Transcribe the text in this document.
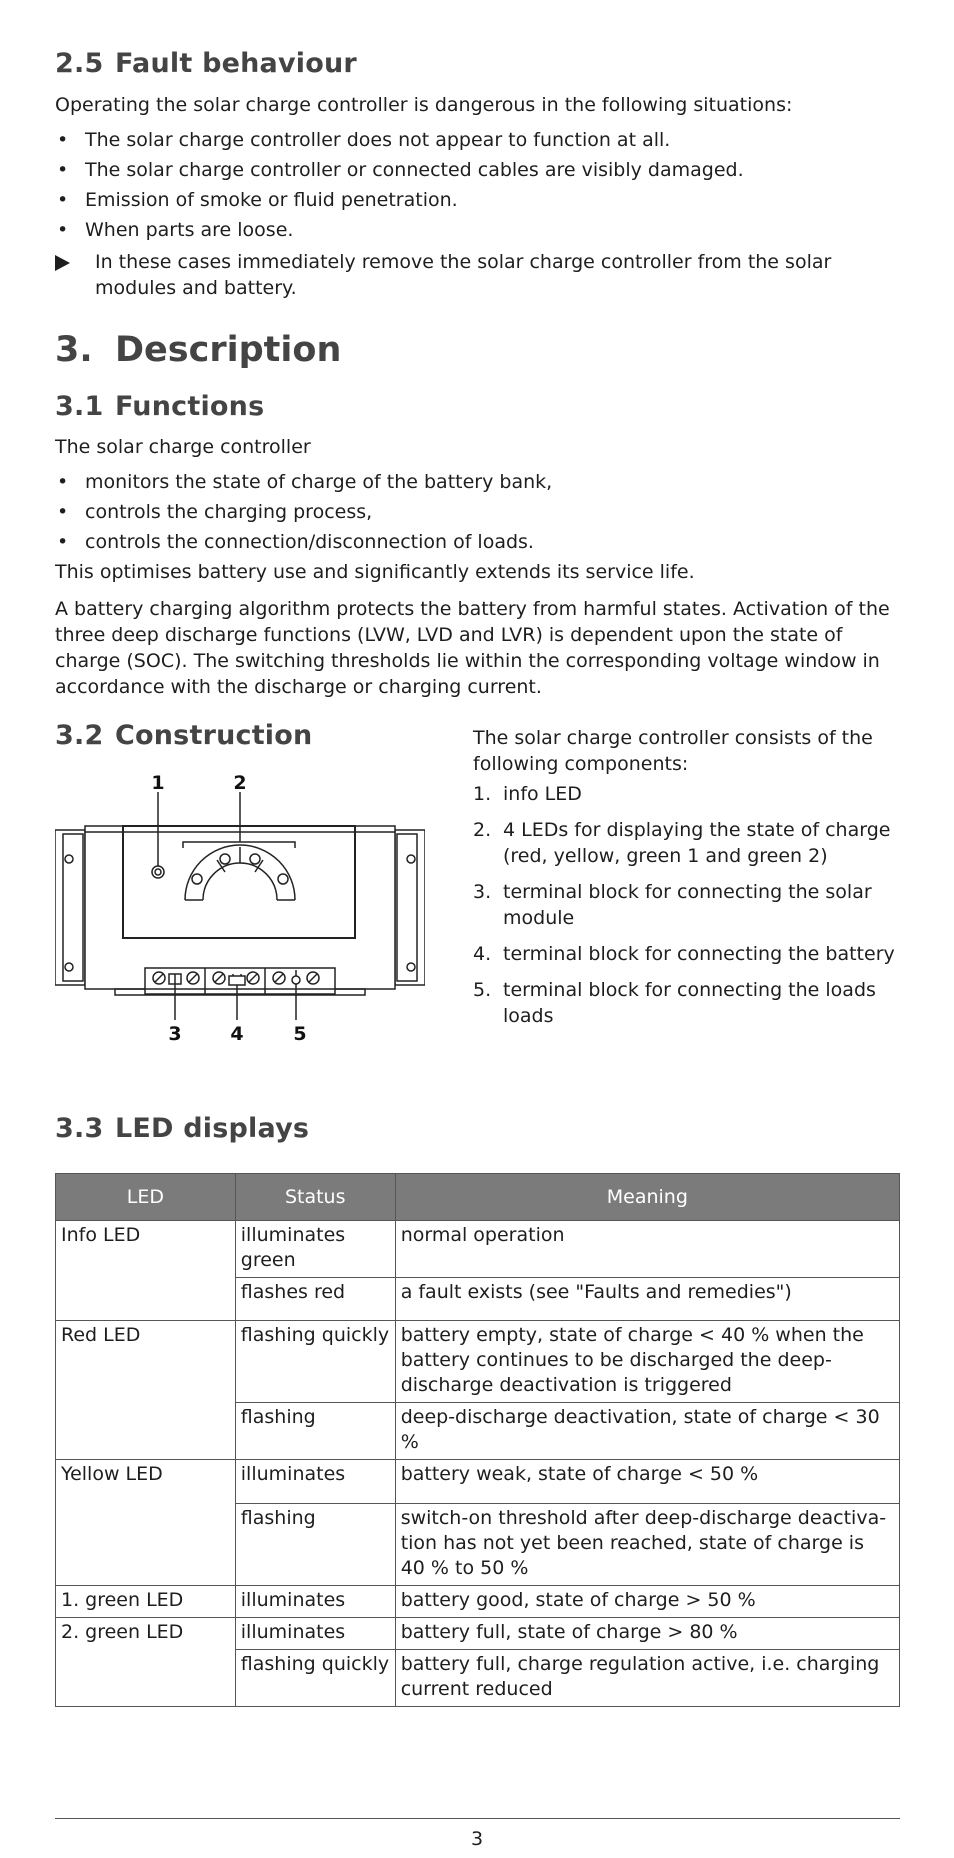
2.5 Fault behaviour

Operating the solar charge controller is dangerous in the following situations:

• The solar charge controller does not appear to function at all.
• The solar charge controller or connected cables are visibly damaged.
• Emission of smoke or fluid penetration.
• When parts are loose.
In these cases immediately remove the solar charge controller from the solar modules and battery.
3. Description
3.1 Functions

The solar charge controller

• monitors the state of charge of the battery bank,
• controls the charging process,
• controls the connection/disconnection of loads.

This optimises battery use and significantly extends its service life.

A battery charging algorithm protects the battery from harmful states. Activation of the three deep discharge functions (LVW, LVD and LVR) is dependent upon the state of charge (SOC). The switching thresholds lie within the corresponding voltage window in accordance with the discharge or charging current.

3.2 Construction	The solar charge controller consists of the following components:

1. info LED
2. 4 LEDs for displaying the state of charge (red, yellow, green 1 and green 2)
3. terminal block for connecting the solar module
4. terminal block for connecting the battery
5. terminal block for connecting the loads loads
1	2
3	4	5
3.3 LED displays
LED	Status	Meaning
Info LED	illuminates green	normal operation
	flashes red	a fault exists (see "Faults and remedies")
Red LED	flashing quickly	battery empty, state of charge < 40 % when the battery continues to be discharged the deep-discharge deactivation is triggered
	flashing	deep-discharge deactivation, state of charge < 30 %
Yellow LED	illuminates	battery weak, state of charge < 50 %
	flashing	switch-on threshold after deep-discharge deactiva-tion has not yet been reached, state of charge is 40 % to 50 %
1. green LED	illuminates	battery good, state of charge > 50 %
2. green LED	illuminates	battery full, state of charge > 80 %
	flashing quickly	battery full, charge regulation active, i.e. charging current reduced
3
